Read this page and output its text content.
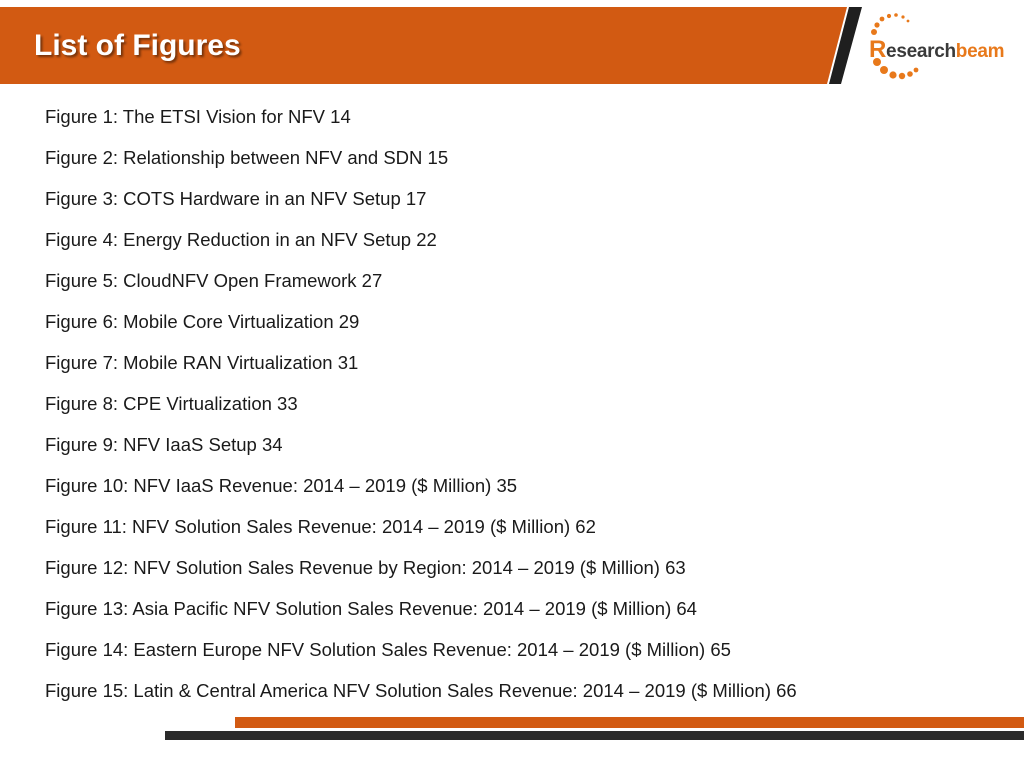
List of Figures	Researchbeam
Figure 1: The ETSI Vision for NFV 14
Figure 2: Relationship between NFV and SDN 15
Figure 3: COTS Hardware in an NFV Setup 17
Figure 4: Energy Reduction in an NFV Setup 22
Figure 5: CloudNFV Open Framework 27
Figure 6: Mobile Core Virtualization 29
Figure 7: Mobile RAN Virtualization 31
Figure 8: CPE Virtualization 33
Figure 9: NFV IaaS Setup 34
Figure 10: NFV IaaS Revenue: 2014 – 2019 ($ Million) 35
Figure 11: NFV Solution Sales Revenue: 2014 – 2019 ($ Million) 62
Figure 12: NFV Solution Sales Revenue by Region: 2014 – 2019 ($ Million) 63
Figure 13: Asia Pacific NFV Solution Sales Revenue: 2014 – 2019 ($ Million) 64
Figure 14: Eastern Europe NFV Solution Sales Revenue: 2014 – 2019 ($ Million) 65
Figure 15: Latin & Central America NFV Solution Sales Revenue: 2014 – 2019 ($ Million) 66
